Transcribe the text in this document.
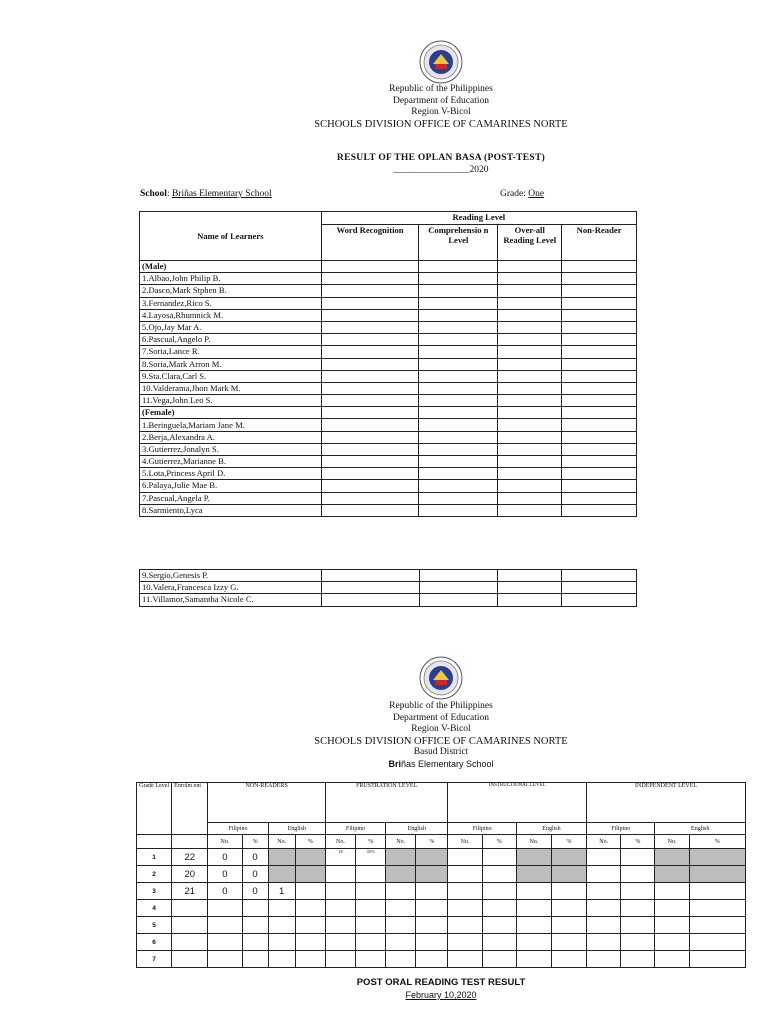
Republic of the Philippines
Department of Education
Region V-Bicol
SCHOOLS DIVISION OFFICE OF CAMARINES NORTE
RESULT OF THE OPLAN BASA (POST-TEST)
________________2020
School: Briñas Elementary School	Grade: One
Name of Learners	Reading Level			
	Word Recognition	Comprehensio n Level	Over-all Reading Level	Non-Reader
(Male)				
1.Albao,John Philip B.				
2.Dasco,Mark Stphen B.				
3.Fernandez,Rico S.				
4.Layosa,Rhumnick M.				
5.Ojo,Jay Mar A.				
6.Pascual,Angelo P.				
7.Soria,Lance R.				
8.Soria,Mark Arron M.				
9.Sta.Clara,Carl S.				
10.Valderama,Jhon Mark M.				
11.Vega,John Leo S.				
(Female)				
1.Beringuela,Mariam Jane M.				
2.Berja,Alexandra A.				
3.Gutierrez,Jonalyn S.				
4.Gutierrez,Marianne B.				
5.Lota,Princess April D.				
6.Palaya,Julie Mae B.				
7.Pascual,Angela P.				
8.Sarmiento,Lyca				
9.Sergio,Genesis P.				
10.Valera,Francesca Izzy G.				
11.Villamor,Samantha Nicole C.				
Republic of the Philippines
Department of Education
Region V-Bicol
SCHOOLS DIVISION OFFICE OF CAMARINES NORTE
Basud District
Briñas Elementary School
Grade Level	Enrolm ent	NON-READERS				FRUSTRATION LEVEL				INSTRUCTIONAL LEVEL				INDEPENDENT LEVEL			
		Filipino		English		Filipino		English		Filipino		English		Filipino		English	
		No.	%	No.	%	No.	%	No.	%	No.	%	No.	%	No.	%	No.	%
1	22	0	0			18	45%										
2	20	0	0														
3	21	0	0	1													
4																	
5																	
6																	
7																	
POST ORAL READING TEST RESULT
February 10,2020
